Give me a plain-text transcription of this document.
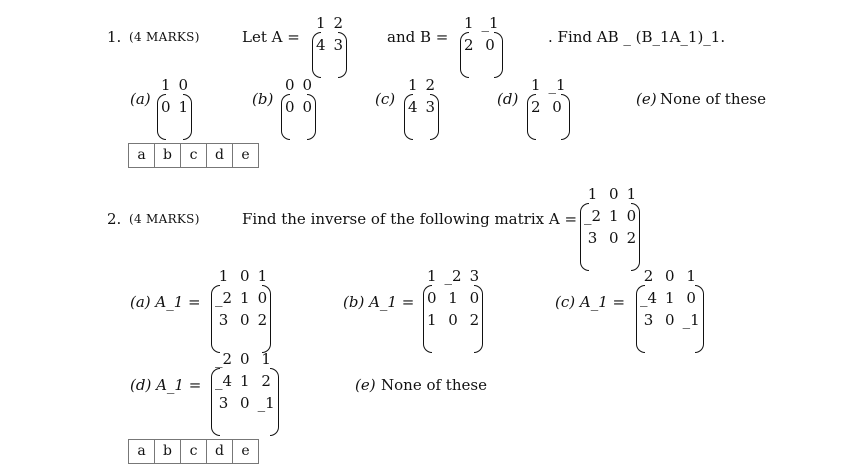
1. (4 MARKS)	Let A =
1	2
4	3	and B =
1	_1
2	0	. Find AB _ (B_1A_1)_1.
(a)
1	0
0	1	(b)
0	0
0	0	(c)
1	2
4	3	(d)
1	_1
2	0	(e) None of these
a	b	c	d	e
2. (4 MARKS)	Find the inverse of the following matrix A =
1	0	1
_2	1	0
3	0	2
(a) A_1 =
1	0	1
_2	1	0
3	0	2
(b) A_1 =
1	_2	3
0	1	0
1	0	2
(c) A_1 =
2	0	1
_4	1	0
3	0	_1
(d) A_1 =
_2	0	1
_4	1	2
3	0	_1
(e) None of these
a	b	c	d	e
